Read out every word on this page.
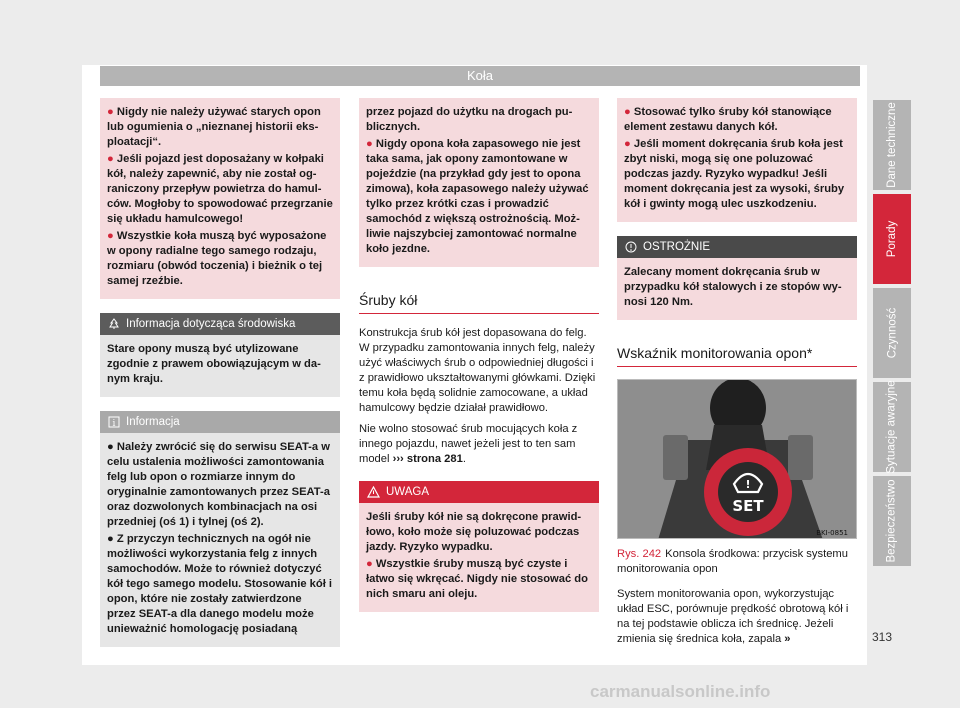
Koła

● Nigdy nie należy używać starych opon lub ogumienia o „nieznanej historii eksploatacji“.

● Jeśli pojazd jest doposażany w kołpaki kół, należy zapewnić, aby nie został ograniczony przepływ powietrza do hamulców. Mogłoby to spowodować przegrzanie się układu hamulcowego!

● Wszystkie koła muszą być wyposażone w opony radialne tego samego rodzaju, rozmiaru (obwód toczenia) i bieżnik o tej samej rzeźbie.

Informacja dotycząca środowiska

Stare opony muszą być utylizowane zgodnie z prawem obowiązującym w danym kraju.

i Informacja

● Należy zwrócić się do serwisu SEAT-a w celu ustalenia możliwości zamontowania felg lub opon o rozmiarze innym do oryginalnie zamontowanych przez SEAT-a oraz dozwolonych kombinacjach na osi przedniej (oś 1) i tylnej (oś 2).

● Z przyczyn technicznych na ogół nie możliwości wykorzystania felg z innych samochodów. Może to również dotyczyć kół tego samego modelu. Stosowanie kół i opon, które nie zostały zatwierdzone przez SEAT-a dla danego modelu może unieważnić homologację posiadaną

przez pojazd do użytku na drogach publicznych.

● Nigdy opona koła zapasowego nie jest taka sama, jak opony zamontowane w pojeździe (na przykład gdy jest to opona zimowa), koła zapasowego należy używać tylko przez krótki czas i prowadzić samochód z większą ostrożnością. Możliwie najszybciej zamontować normalne koło jezdne.

Śruby kół

Konstrukcja śrub kół jest dopasowana do felg. W przypadku zamontowania innych felg, należy użyć właściwych śrub o odpowiedniej długości i z prawidłowo ukształtowanymi główkami. Dzięki temu koła będą solidnie zamocowane, a układ hamulcowy będzie działał prawidłowo.

Nie wolno stosować śrub mocujących koła z innego pojazdu, nawet jeżeli jest to ten sam model ››› strona 281.

UWAGA

Jeśli śruby kół nie są dokręcone prawidłowo, koło może się poluzować podczas jazdy. Ryzyko wypadku.

● Wszystkie śruby muszą być czyste i łatwo się wkręcać. Nigdy nie stosować do nich smaru ani oleju.

● Stosować tylko śruby kół stanowiące element zestawu danych kół.

● Jeśli moment dokręcania śrub koła jest zbyt niski, mogą się one poluzować podczas jazdy. Ryzyko wypadku! Jeśli moment dokręcania jest za wysoki, śruby kół i gwinty mogą ulec uszkodzeniu.

OSTROŻNIE

Zalecany moment dokręcania śrub w przypadku kół stalowych i ze stopów wynosi 120 Nm.

Wskaźnik monitorowania opon*
!
SET
BKI-0851
Rys. 242 Konsola środkowa: przycisk systemu monitorowania opon

System monitorowania opon, wykorzystując układ ESC, porównuje prędkość obrotową kół i na tej podstawie oblicza ich średnicę. Jeżeli zmienia się średnica koła, zapala »

Dane techniczne
Porady
Czynność
Sytuacje awaryjne
Bezpieczeństwo
313
carmanualsonline.info
